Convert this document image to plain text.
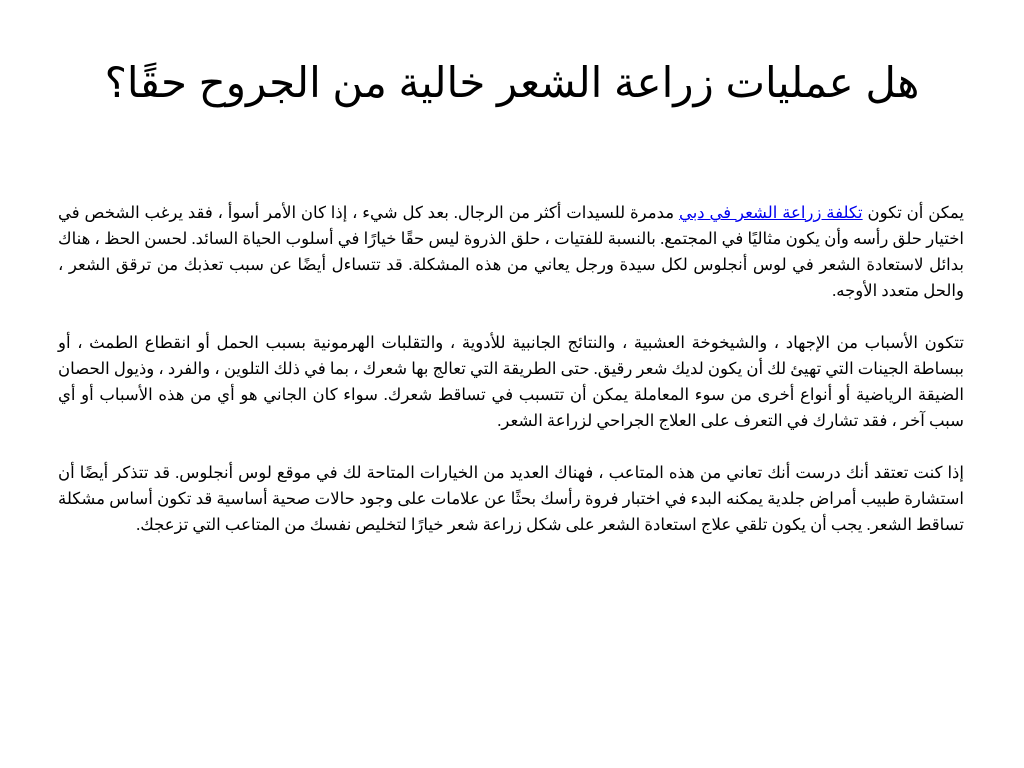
هل عمليات زراعة الشعر خالية من الجروح حقًا؟

يمكن أن تكون تكلفة زراعة الشعر في دبي مدمرة للسيدات أكثر من الرجال. بعد كل شيء ، إذا كان الأمر أسوأ ، فقد يرغب الشخص في اختيار حلق رأسه وأن يكون مثاليًا في المجتمع. بالنسبة للفتيات ، حلق الذروة ليس حقًا خيارًا في أسلوب الحياة السائد. لحسن الحظ ، هناك بدائل لاستعادة الشعر في لوس أنجلوس لكل سيدة ورجل يعاني من هذه المشكلة. قد تتساءل أيضًا عن سبب تعذبك من ترقق الشعر ، والحل متعدد الأوجه.

تتكون الأسباب من الإجهاد ، والشيخوخة العشبية ، والنتائج الجانبية للأدوية ، والتقلبات الهرمونية بسبب الحمل أو انقطاع الطمث ، أو ببساطة الجينات التي تهيئ لك أن يكون لديك شعر رقيق. حتى الطريقة التي تعالج بها شعرك ، بما في ذلك التلوين ، والفرد ، وذيول الحصان الضيقة الرياضية أو أنواع أخرى من سوء المعاملة يمكن أن تتسبب في تساقط شعرك. سواء كان الجاني هو أي من هذه الأسباب أو أي سبب آخر ، فقد تشارك في التعرف على العلاج الجراحي لزراعة الشعر.

إذا كنت تعتقد أنك درست أنك تعاني من هذه المتاعب ، فهناك العديد من الخيارات المتاحة لك في موقع لوس أنجلوس. قد تتذكر أيضًا أن استشارة طبيب أمراض جلدية يمكنه البدء في اختبار فروة رأسك بحثًا عن علامات على وجود حالات صحية أساسية قد تكون أساس مشكلة تساقط الشعر. يجب أن يكون تلقي علاج استعادة الشعر على شكل زراعة شعر خيارًا لتخليص نفسك من المتاعب التي تزعجك.
